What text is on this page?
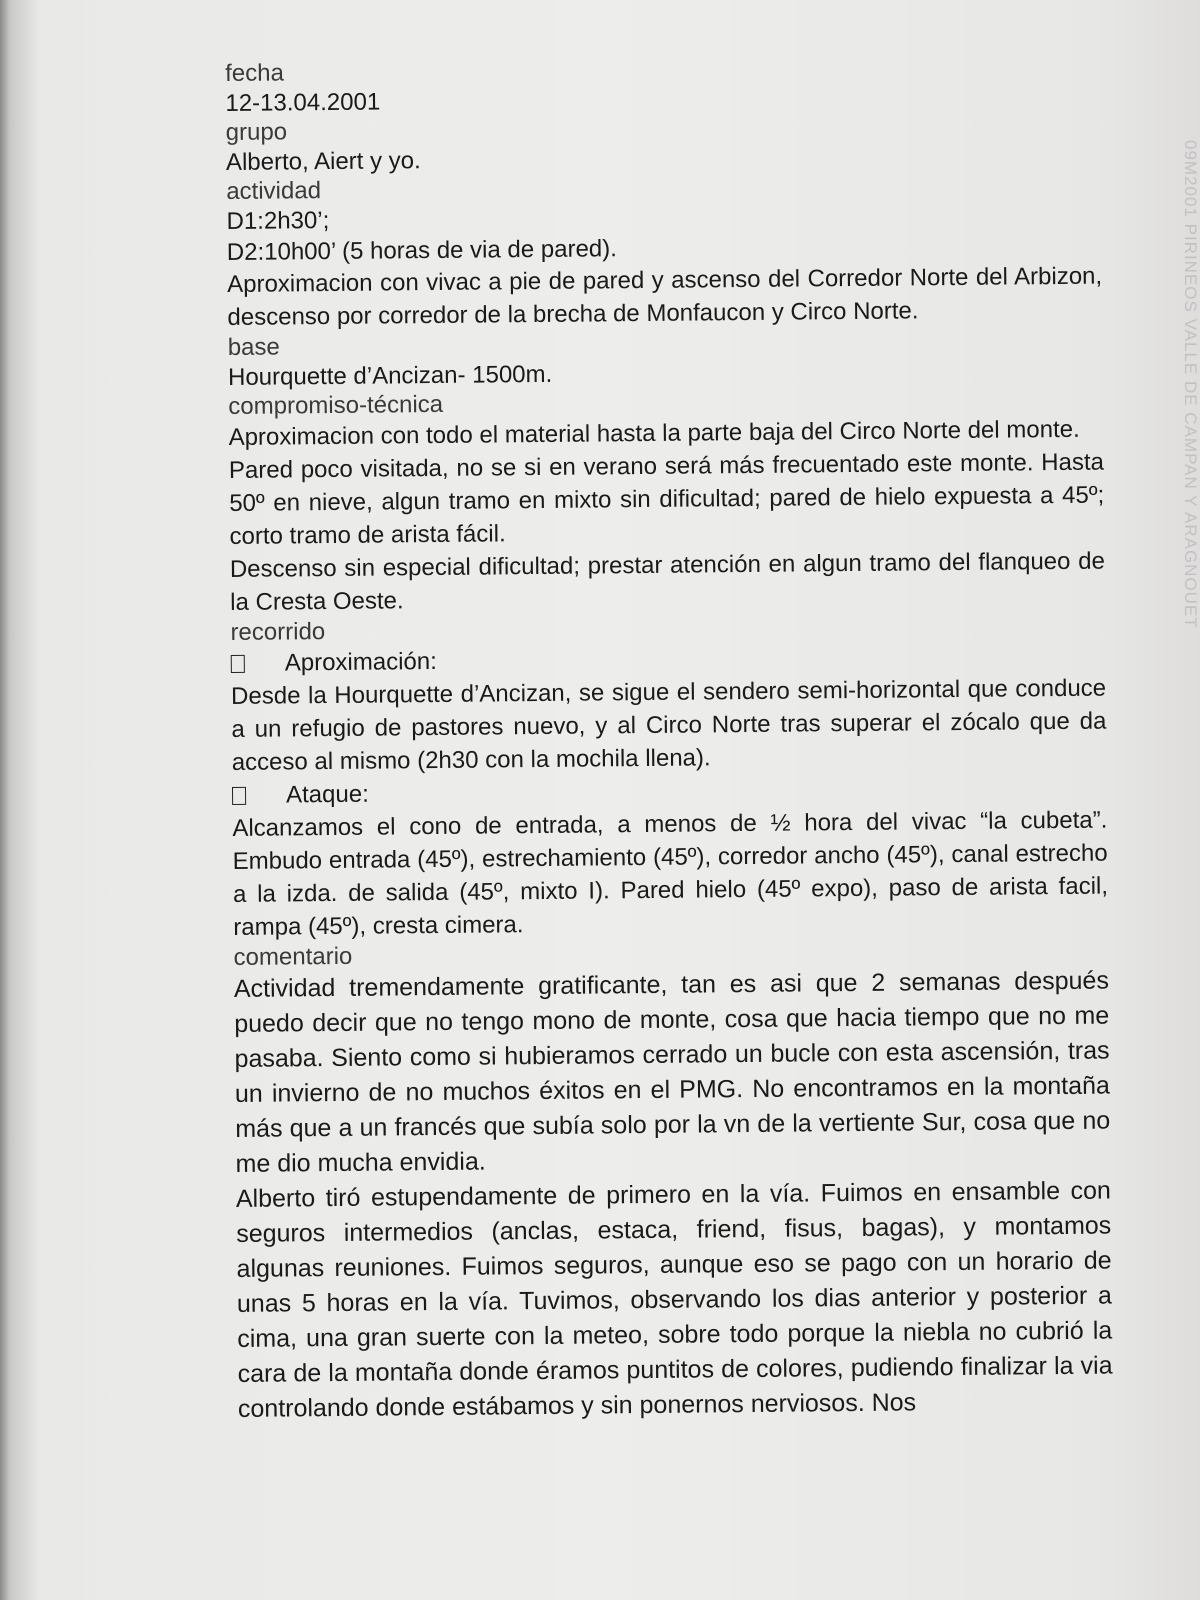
fecha
12-13.04.2001
grupo
Alberto, Aiert y yo.
actividad
D1:2h30’;
D2:10h00’ (5 horas de via de pared).
Aproximacion con vivac a pie de pared y ascenso del Corredor Norte del Arbizon, descenso por corredor de la brecha de Monfaucon y Circo Norte.
base
Hourquette d’Ancizan- 1500m.
compromiso-técnica
Aproximacion con todo el material hasta la parte baja del Circo Norte del monte.
Pared poco visitada, no se si en verano será más frecuentado este monte. Hasta 50º en nieve, algun tramo en mixto sin dificultad; pared de hielo expuesta a 45º; corto tramo de arista fácil.
Descenso sin especial dificultad; prestar atención en algun tramo del flanqueo de la Cresta Oeste.
recorrido
Aproximación:
Desde la Hourquette d’Ancizan, se sigue el sendero semi-horizontal que conduce a un refugio de pastores nuevo, y al Circo Norte tras superar el zócalo que da acceso al mismo (2h30 con la mochila llena).
Ataque:
Alcanzamos el cono de entrada, a menos de ½ hora del vivac “la cubeta”. Embudo entrada (45º), estrechamiento (45º), corredor ancho (45º), canal estrecho a la izda. de salida (45º, mixto I). Pared hielo (45º expo), paso de arista facil, rampa (45º), cresta cimera.
comentario

Actividad tremendamente gratificante, tan es asi que 2 semanas después puedo decir que no tengo mono de monte, cosa que hacia tiempo que no me pasaba. Siento como si hubieramos cerrado un bucle con esta ascensión, tras un invierno de no muchos éxitos en el PMG. No encontramos en la montaña más que a un francés que subía solo por la vn de la vertiente Sur, cosa que no me dio mucha envidia.

Alberto tiró estupendamente de primero en la vía. Fuimos en ensamble con seguros intermedios (anclas, estaca, friend, fisus, bagas), y montamos algunas reuniones. Fuimos seguros, aunque eso se pago con un horario de unas 5 horas en la vía. Tuvimos, observando los dias anterior y posterior a cima, una gran suerte con la meteo, sobre todo porque la niebla no cubrió la cara de la montaña donde éramos puntitos de colores, pudiendo finalizar la via controlando donde estábamos y sin ponernos nerviosos. Nos

09M2001 PIRINEOS VALLE DE CAMPAN Y ARAGNOUET
